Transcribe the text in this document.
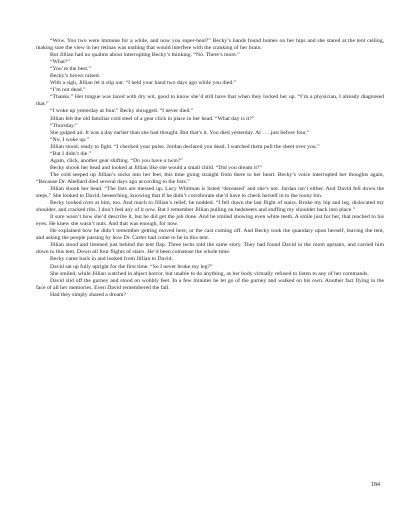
“Wow. You two were immune for a while, and now you super-heal?” Becky’s hands found homes on her hips and she stared at the tent ceiling, making sure the view in her retinas was nothing that would interfere with the cranking of her brain.

But Jillian had no qualms about interrupting Becky’s thinking. “No. There’s more.”

“What?”

“You’re the best.”

Becky’s brows raised.

With a sigh, Jillian let it slip out. “I held your hand two days ago while you died.”

“I’m not dead.”

“Thanks.” Her tongue was laced with dry wit, good to know she’d still have that when they locked her up. “I’m a physician, I already diagnosed that.”

“I woke up yesterday at four.” Becky shrugged. “I never died.”

Jillian felt the old familiar cold steel of a gear click in place in her head. “What day is it?”

“Thursday.”

She gulped air. It was a day earlier than she had thought. But that’s it. You died yesterday. At . . . just before four.”

“No, I woke up.”

Jillian stood, ready to fight. “I checked your pulse. Jordan declared you dead. I watched them pull the sheet over you.”

“But I didn’t die.”

Again, click, another gear shifting. “Do you have a twin?”

Becky shook her head and looked at Jillian like she would a small child. “Did you dream it?”

The cold seeped up Jillian’s socks into her feet, this time going straight from there to her heart. Becky’s voice interrupted her thoughts again, “Because Dr. Abellard died several days ago according to the lists.”

Jillian shook her head. “The lists are messed up. Lucy Whitman is listed ‘deceased’ and she’s not. Jordan isn’t either. And David fell down the steps.” She looked to David, beseeching, knowing that if he didn’t corroborate she’d have to check herself in to the loony bin.

Becky looked over at him, too. And much to Jillian’s relief, he nodded. “I fell down the last flight of stairs. Broke my hip and leg, dislocated my shoulder, and cracked ribs. I don’t feel any of it now. But I remember Jillian pulling on bedsheets and stuffing my shoulder back into place.”

It sure wasn’t how she’d describe it, but he did get the job done. And he smiled showing even white teeth. A smile just for her, that reached to his eyes. He knew she wasn’t nuts. And that was enough, for now.

He explained how he didn’t remember getting moved here, or the cast coming off. And Becky took the quandary upon herself, leaving the tent, and asking the people passing by how Dr. Carter had come to be in this tent.

Jillian stood and listened just behind the tent flap. Three techs told the same story. They had found David in the room upstairs, and carried him down to this tent. Down all four flights of stairs. He’d been comatose the whole time.

Becky came back in and looked from Jillian to David.

David sat up fully upright for the first time. “So I never broke my leg?”

She smiled, while Jillian watched in abject horror, but unable to do anything, as her body virtually refused to listen to any of her commands.

David slid off the gurney and stood on wobbly feet. In a few minutes he let go of the gurney and walked on his own. Another fact flying in the face of all her memories. Even David remembered the fall.

Had they simply shared a dream?

184
